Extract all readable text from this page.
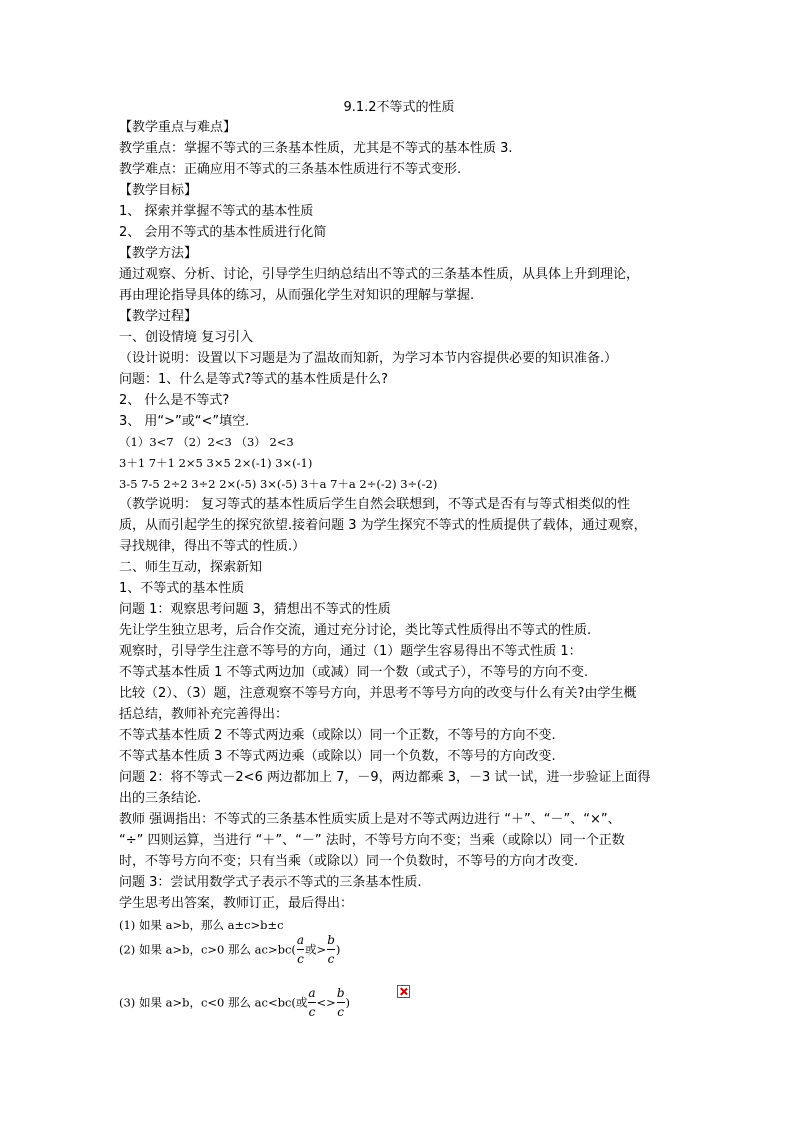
9.1.2不等式的性质
【教学重点与难点】
教学重点：掌握不等式的三条基本性质，尤其是不等式的基本性质 3.
教学难点：正确应用不等式的三条基本性质进行不等式变形.
【教学目标】
1、 探索并掌握不等式的基本性质
2、 会用不等式的基本性质进行化简
【教学方法】
通过观察、分析、讨论，引导学生归纳总结出不等式的三条基本性质，从具体上升到理论，
再由理论指导具体的练习，从而强化学生对知识的理解与掌握.
【教学过程】
一、创设情境 复习引入
（设计说明：设置以下习题是为了温故而知新，为学习本节内容提供必要的知识准备.）
问题：1、什么是等式?等式的基本性质是什么?
2、 什么是不等式?
3、 用“>”或“<”填空.
（1）3<7 （2）2<3 （3） 2<3
3＋1 7＋1 2×5 3×5 2×(-1) 3×(-1)
3-5 7-5 2÷2 3÷2 2×(-5) 3×(-5) 3＋a 7＋a 2÷(-2) 3÷(-2)
（教学说明： 复习等式的基本性质后学生自然会联想到，不等式是否有与等式相类似的性
质，从而引起学生的探究欲望.接着问题 3 为学生探究不等式的性质提供了载体，通过观察，
寻找规律，得出不等式的性质.）
二、师生互动，探索新知
1、不等式的基本性质
问题 1：观察思考问题 3，猜想出不等式的性质
先让学生独立思考，后合作交流，通过充分讨论，类比等式性质得出不等式的性质.
观察时，引导学生注意不等号的方向，通过（1）题学生容易得出不等式性质 1：
不等式基本性质 1 不等式两边加（或减）同一个数（或式子），不等号的方向不变.
比较（2）、（3）题，注意观察不等号方向，并思考不等号方向的改变与什么有关?由学生概
括总结，教师补充完善得出：
不等式基本性质 2 不等式两边乘（或除以）同一个正数，不等号的方向不变.
不等式基本性质 3 不等式两边乘（或除以）同一个负数，不等号的方向改变.
问题 2：将不等式－2<6 两边都加上 7，－9，两边都乘 3，－3 试一试，进一步验证上面得
出的三条结论.
教师 强调指出：不等式的三条基本性质实质上是对不等式两边进行 “＋”、“－”、“×”、
“÷” 四则运算，当进行 “＋”、“－” 法时，不等号方向不变；当乘（或除以）同一个正数
时，不等号方向不变；只有当乘（或除以）同一个负数时，不等号的方向才改变.
问题 3：尝试用数学式子表示不等式的三条基本性质.
学生思考出答案，教师订正，最后得出：
(1) 如果 a>b，那么 a±c>b±c
(2) 如果 a>b，c>0 那么 $ac>bc( \frac{a}{c}$ 或> $\frac{b}{c}$ )
(3) 如果 a>b，c<0 那么 ac<bc(或 $\frac{a}{c} <> \frac{b}{c}$ )
